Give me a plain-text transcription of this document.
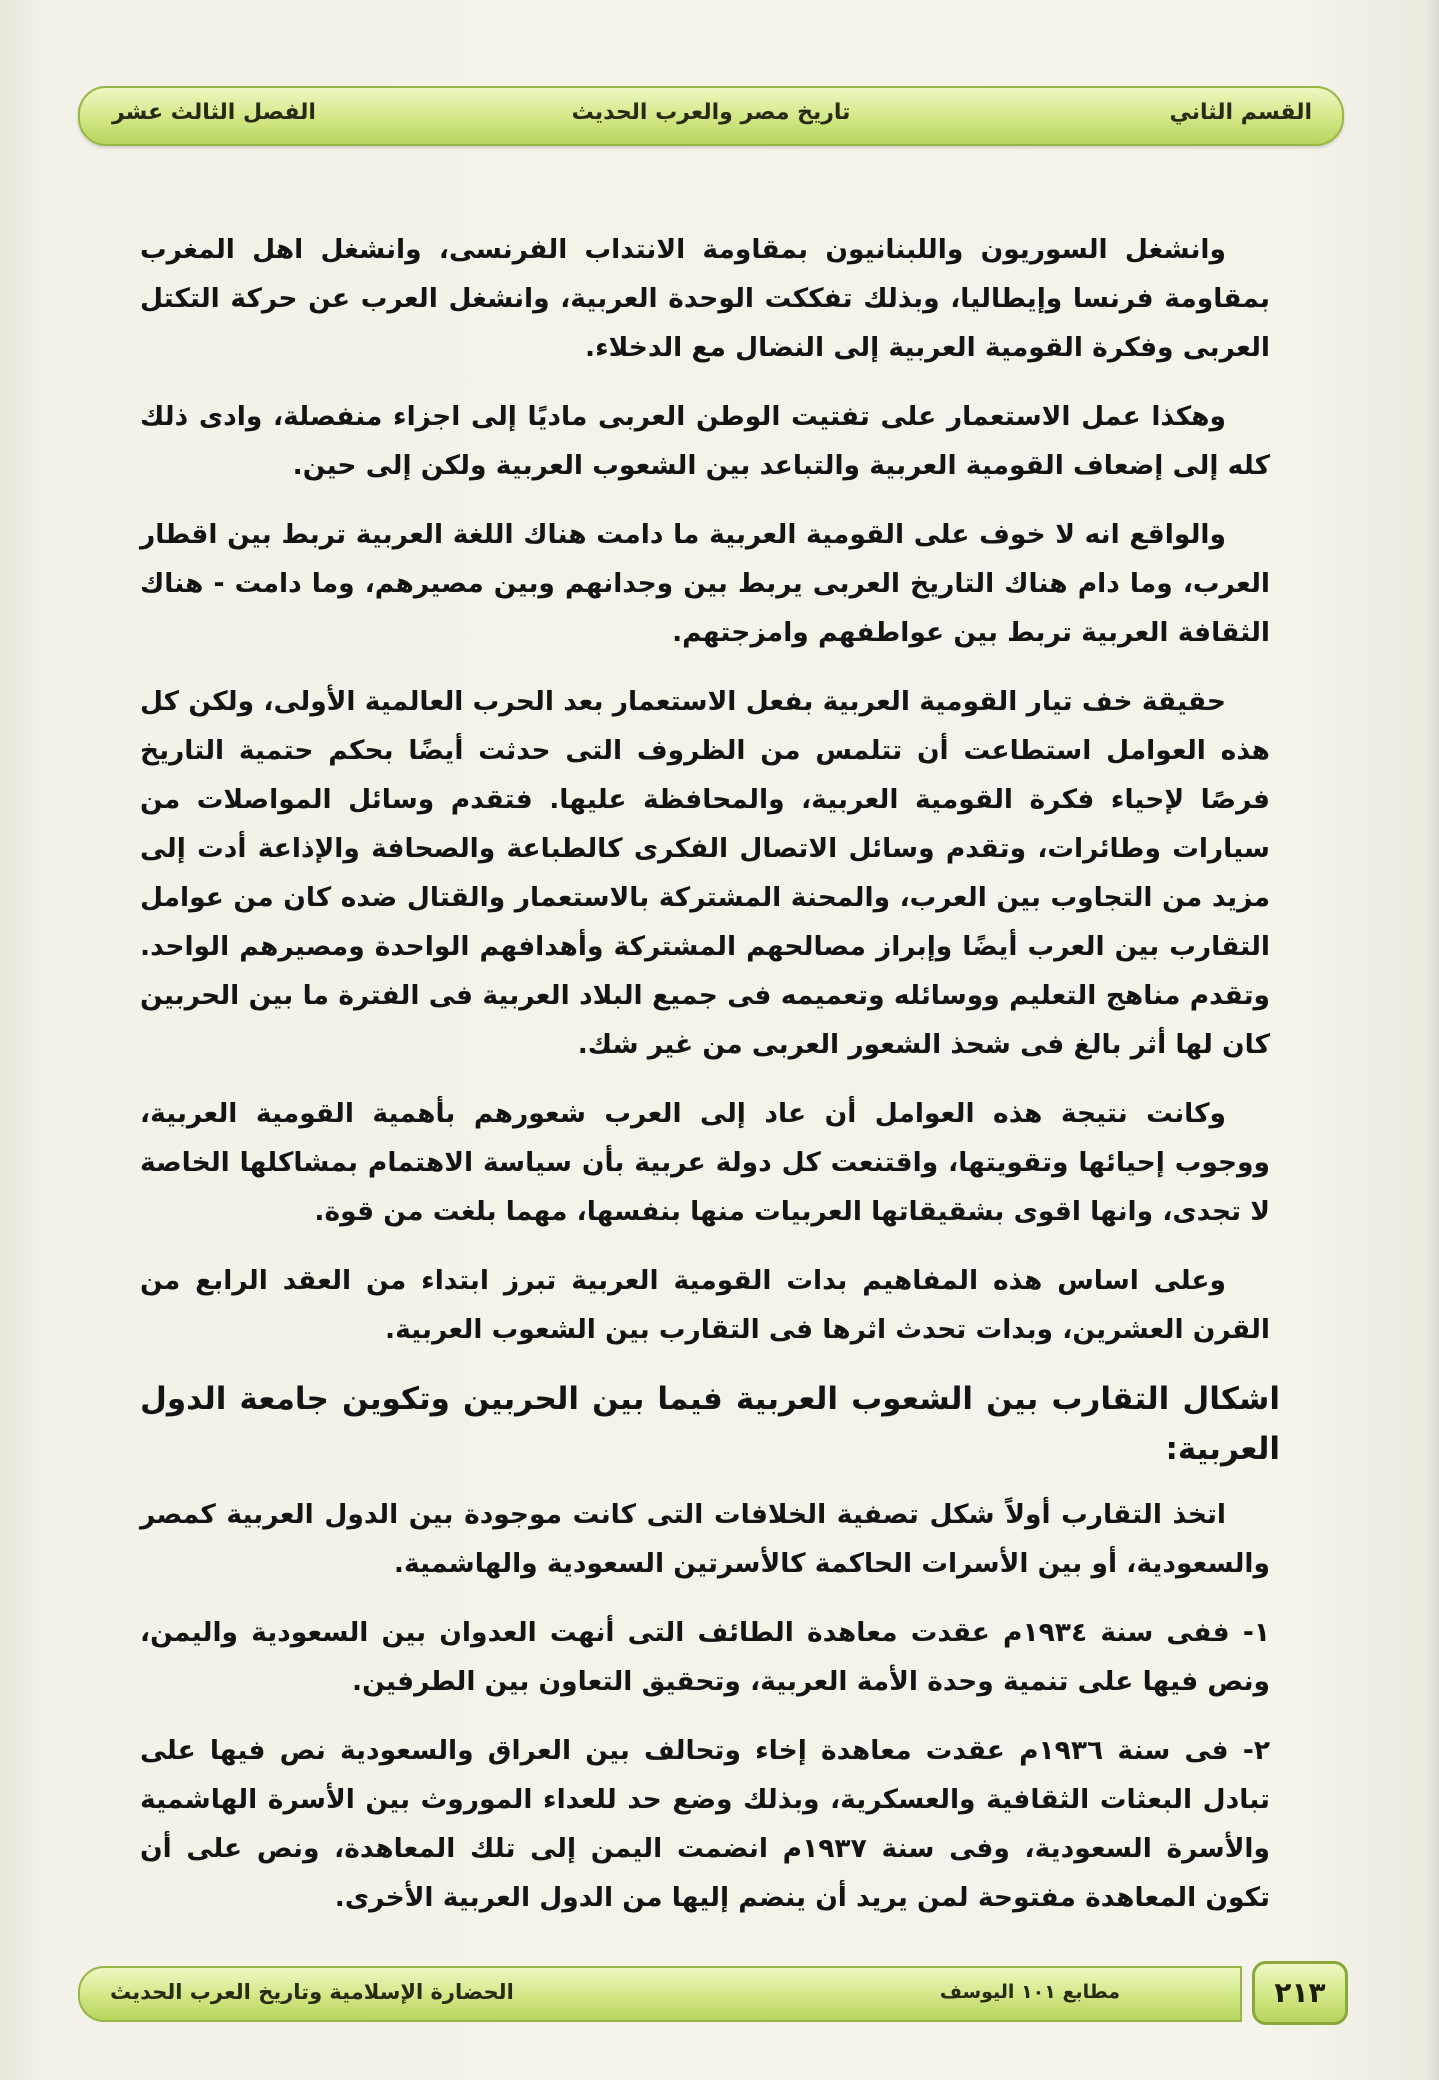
القسم الثاني
تاريخ مصر والعرب الحديث
الفصل الثالث عشر

وانشغل السوريون واللبنانيون بمقاومة الانتداب الفرنسى، وانشغل اهل المغرب بمقاومة فرنسا وإيطاليا، وبذلك تفككت الوحدة العربية، وانشغل العرب عن حركة التكتل العربى وفكرة القومية العربية إلى النضال مع الدخلاء.

وهكذا عمل الاستعمار على تفتيت الوطن العربى ماديًا إلى اجزاء منفصلة، وادى ذلك كله إلى إضعاف القومية العربية والتباعد بين الشعوب العربية ولكن إلى حين.

والواقع انه لا خوف على القومية العربية ما دامت هناك اللغة العربية تربط بين اقطار العرب، وما دام هناك التاريخ العربى يربط بين وجدانهم وبين مصيرهم، وما دامت - هناك الثقافة العربية تربط بين عواطفهم وامزجتهم.

حقيقة خف تيار القومية العربية بفعل الاستعمار بعد الحرب العالمية الأولى، ولكن كل هذه العوامل استطاعت أن تتلمس من الظروف التى حدثت أيضًا بحكم حتمية التاريخ فرصًا لإحياء فكرة القومية العربية، والمحافظة عليها. فتقدم وسائل المواصلات من سيارات وطائرات، وتقدم وسائل الاتصال الفكرى كالطباعة والصحافة والإذاعة أدت إلى مزيد من التجاوب بين العرب، والمحنة المشتركة بالاستعمار والقتال ضده كان من عوامل التقارب بين العرب أيضًا وإبراز مصالحهم المشتركة وأهدافهم الواحدة ومصيرهم الواحد. وتقدم مناهج التعليم ووسائله وتعميمه فى جميع البلاد العربية فى الفترة ما بين الحربين كان لها أثر بالغ فى شحذ الشعور العربى من غير شك.

وكانت نتيجة هذه العوامل أن عاد إلى العرب شعورهم بأهمية القومية العربية، ووجوب إحيائها وتقويتها، واقتنعت كل دولة عربية بأن سياسة الاهتمام بمشاكلها الخاصة لا تجدى، وانها اقوى بشقيقاتها العربيات منها بنفسها، مهما بلغت من قوة.

وعلى اساس هذه المفاهيم بدات القومية العربية تبرز ابتداء من العقد الرابع من القرن العشرين، وبدات تحدث اثرها فى التقارب بين الشعوب العربية.

اشكال التقارب بين الشعوب العربية فيما بين الحربين وتكوين جامعة الدول العربية:

اتخذ التقارب أولاً شكل تصفية الخلافات التى كانت موجودة بين الدول العربية كمصر والسعودية، أو بين الأسرات الحاكمة كالأسرتين السعودية والهاشمية.

١- ففى سنة ١٩٣٤م عقدت معاهدة الطائف التى أنهت العدوان بين السعودية واليمن، ونص فيها على تنمية وحدة الأمة العربية، وتحقيق التعاون بين الطرفين.

٢- فى سنة ١٩٣٦م عقدت معاهدة إخاء وتحالف بين العراق والسعودية نص فيها على تبادل البعثات الثقافية والعسكرية، وبذلك وضع حد للعداء الموروث بين الأسرة الهاشمية والأسرة السعودية، وفى سنة ١٩٣٧م انضمت اليمن إلى تلك المعاهدة، ونص على أن تكون المعاهدة مفتوحة لمن يريد أن ينضم إليها من الدول العربية الأخرى.

٢١٣
مطابع ١٠١ اليوسف
الحضارة الإسلامية وتاريخ العرب الحديث
